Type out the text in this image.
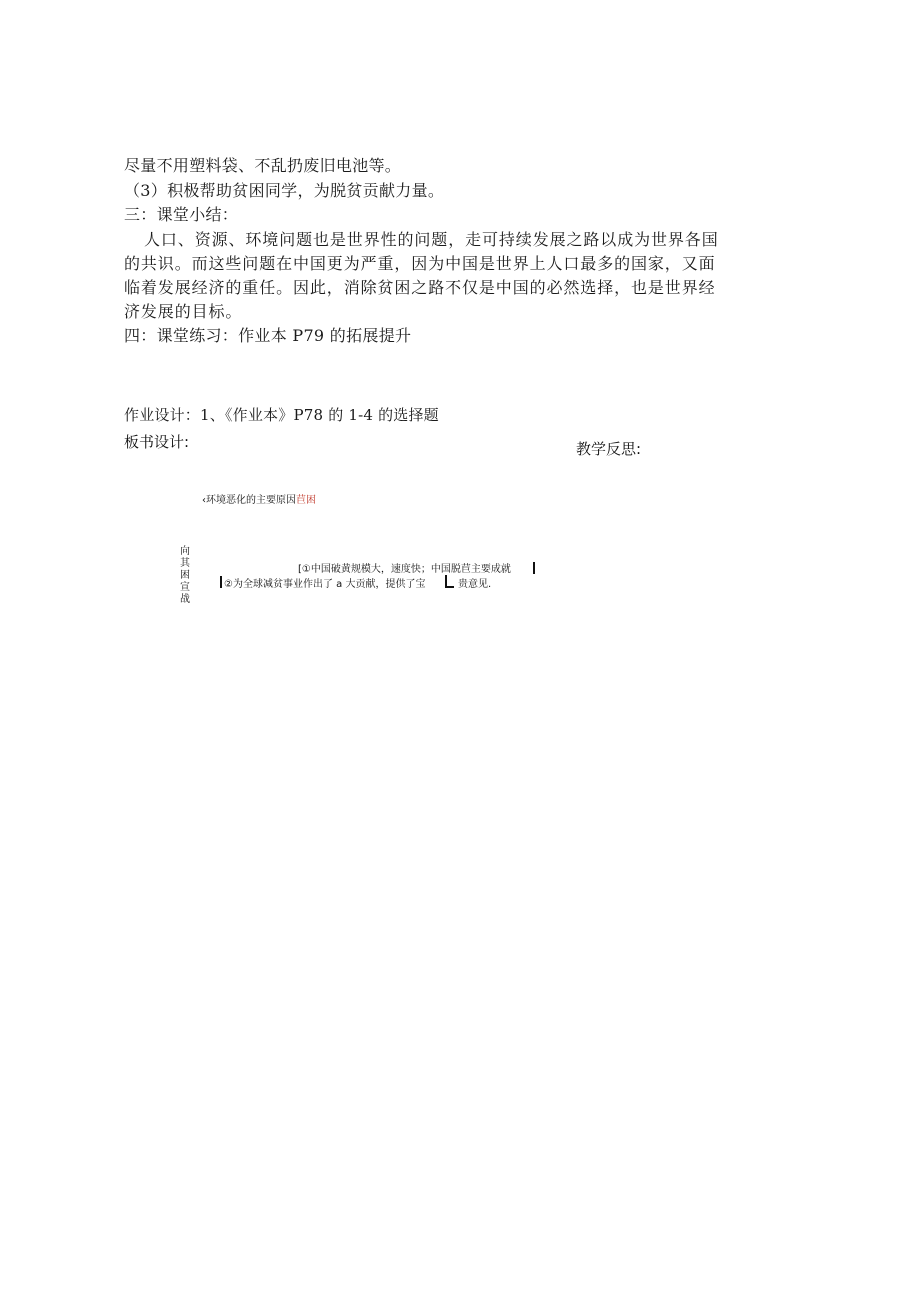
尽量不用塑料袋、不乱扔废旧电池等。
（3）积极帮助贫困同学，为脱贫贡献力量。
三：课堂小结：
人口、资源、环境问题也是世界性的问题，走可持续发展之路以成为世界各国的共识。而这些问题在中国更为严重，因为中国是世界上人口最多的国家，又面临着发展经济的重任。因此，消除贫困之路不仅是中国的必然选择，也是世界经济发展的目标。
四：课堂练习：作业本 P79 的拓展提升
作业设计：1、《作业本》P78 的 1-4 的选择题
板书设计:	教学反思:
‹环境恶化的主要原因苣困
向其困宣战
[①中国破黄规模大，速度快；中国脱苣主要成就
②为全球减贫事业作出了 a 大贡献，提供了宝	贵意见.
